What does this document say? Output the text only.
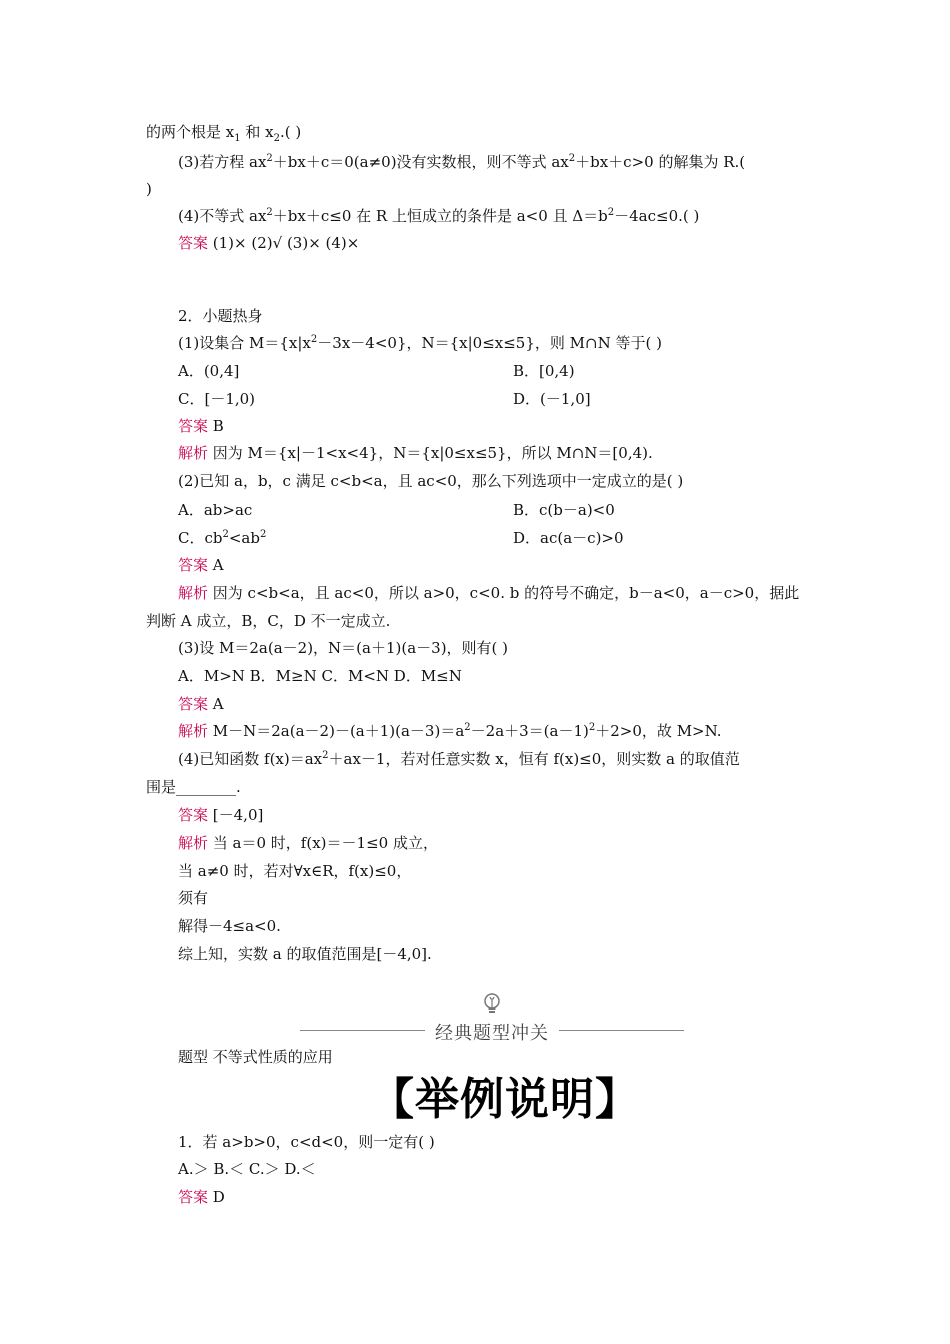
的两个根是 $x_1$ 和 $x_2$.( )
(3)若方程 $ax^2+bx+c=0(a\ne 0)$没有实数根，则不等式 $ax^2+bx+c>0$ 的解集为 R.(
)
(4)不等式 $ax^2+bx+c\le 0$ 在 R 上恒成立的条件是 a<0 且 $\Delta=b^2-4ac\le 0$.( )
答案 (1)× (2)√ (3)× (4)×
2．小题热身
(1)设集合 $M=\{x|x^2-3x-4<0\}$，N＝{x|0≤x≤5}，则 M∩N 等于( )
A．(0,4]	B．[0,4)
C．[－1,0)	D．(－1,0]
答案 B
解析 因为 M＝{x|－1<x<4}，N＝{x|0≤x≤5}，所以 M∩N＝[0,4).
(2)已知 a，b，c 满足 c<b<a，且 ac<0，那么下列选项中一定成立的是( )
A．ab>ac	B．c(b－a)<0
C．$cb^2<ab^2$	D．ac(a－c)>0
答案 A
解析 因为 c<b<a，且 ac<0，所以 a>0，c<0. b 的符号不确定，b－a<0，a－c>0，据此
判断 A 成立，B，C，D 不一定成立.
(3)设 M＝2a(a－2)，N＝(a＋1)(a－3)，则有( )
A．M>N B．M≥N C．M<N D．M≤N
答案 A
解析 $M-N=2a(a-2)-(a+1)(a-3)=a^2-2a+3=(a-1)^2+2>0$，故 M>N.
(4)已知函数 $f(x)=ax^2+ax-1$，若对任意实数 x，恒有 f(x)≤0，则实数 a 的取值范
围是________.
答案 [－4,0]
解析 当 a＝0 时，f(x)＝－1≤0 成立，
当 a≠0 时，若对∀x∈R，f(x)≤0，
须有
解得－4≤a<0.
综上知，实数 a 的取值范围是[－4,0].
题型 不等式性质的应用
1．若 a>b>0，c<d<0，则一定有( )
A.＞ B.＜ C.＞ D.＜
答案 D
经典题型冲关
【举例说明】
